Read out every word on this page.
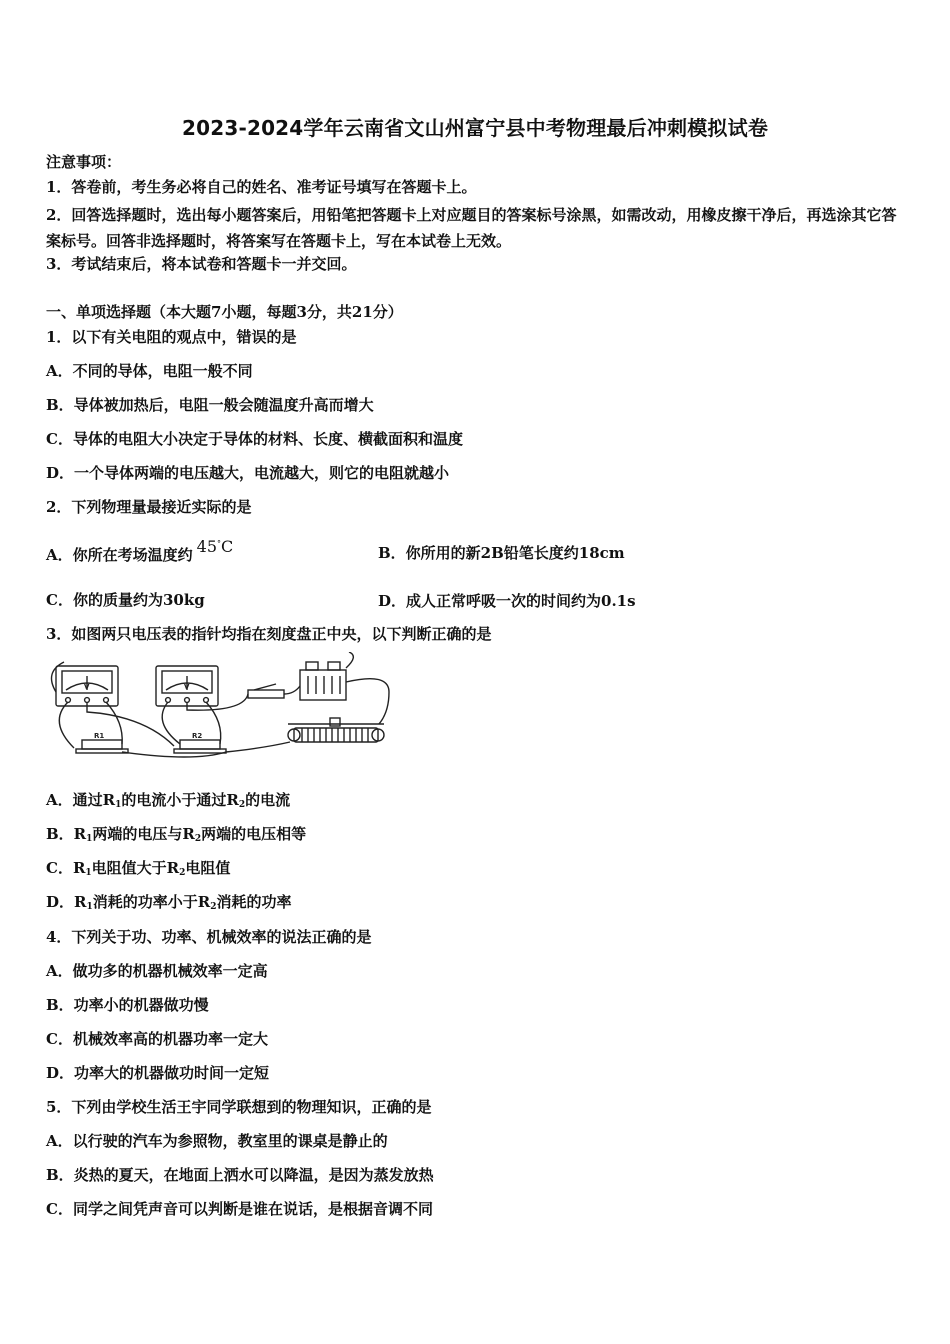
2023-2024学年云南省文山州富宁县中考物理最后冲刺模拟试卷
注意事项：
1．答卷前，考生务必将自己的姓名、准考证号填写在答题卡上。
2．回答选择题时，选出每小题答案后，用铅笔把答题卡上对应题目的答案标号涂黑，如需改动，用橡皮擦干净后，再选涂其它答案标号。回答非选择题时，将答案写在答题卡上，写在本试卷上无效。
3．考试结束后，将本试卷和答题卡一并交回。
一、单项选择题（本大题7小题，每题3分，共21分）
1．以下有关电阻的观点中，错误的是
A．不同的导体，电阻一般不同
B．导体被加热后，电阻一般会随温度升高而增大
C．导体的电阻大小决定于导体的材料、长度、横截面积和温度
D．一个导体两端的电压越大，电流越大，则它的电阻就越小
2．下列物理量最接近实际的是
A．你所在考场温度约 45°C	B．你所用的新2B铅笔长度约18cm
C．你的质量约为30kg	D．成人正常呼吸一次的时间约为0.1s
3．如图两只电压表的指针均指在刻度盘正中央，以下判断正确的是
R1	R2
V	V
A．通过$R_1$的电流小于通过$R_2$的电流
B．$R_1$两端的电压与$R_2$两端的电压相等
C．$R_1$电阻值大于$R_2$电阻值
D．$R_1$消耗的功率小于$R_2$消耗的功率
4．下列关于功、功率、机械效率的说法正确的是
A．做功多的机器机械效率一定高
B．功率小的机器做功慢
C．机械效率高的机器功率一定大
D．功率大的机器做功时间一定短
5．下列由学校生活王宇同学联想到的物理知识，正确的是
A．以行驶的汽车为参照物，教室里的课桌是静止的
B．炎热的夏天，在地面上洒水可以降温，是因为蒸发放热
C．同学之间凭声音可以判断是谁在说话，是根据音调不同
